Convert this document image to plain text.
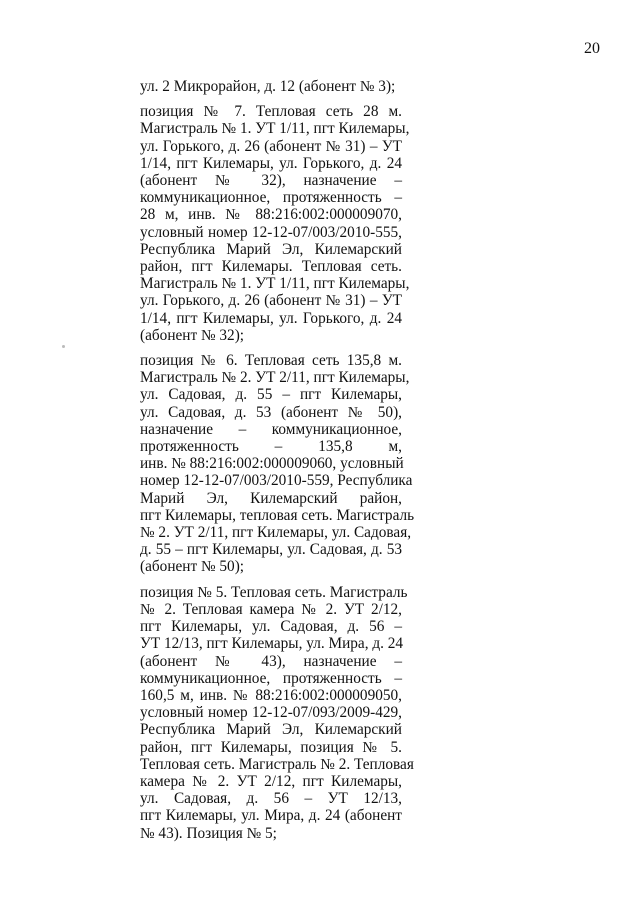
20
ул. 2 Микрорайон, д. 12 (абонент № 3);
позиция № 7. Тепловая сеть 28 м.
Магистраль № 1. УТ 1/11, пгт Килемары,
ул. Горького, д. 26 (абонент № 31) – УТ
1/14, пгт Килемары, ул. Горького, д. 24
(абонент № 32), назначение –
коммуникационное, протяженность –
28 м, инв. № 88:216:002:000009070,
условный номер 12-12-07/003/2010-555,
Республика Марий Эл, Килемарский
район, пгт Килемары. Тепловая сеть.
Магистраль № 1. УТ 1/11, пгт Килемары,
ул. Горького, д. 26 (абонент № 31) – УТ
1/14, пгт Килемары, ул. Горького, д. 24
(абонент № 32);
позиция № 6. Тепловая сеть 135,8 м.
Магистраль № 2. УТ 2/11, пгт Килемары,
ул. Садовая, д. 55 – пгт Килемары,
ул. Садовая, д. 53 (абонент № 50),
назначение – коммуникационное,
протяженность – 135,8 м,
инв. № 88:216:002:000009060, условный
номер 12-12-07/003/2010-559, Республика
Марий Эл, Килемарский район,
пгт Килемары, тепловая сеть. Магистраль
№ 2. УТ 2/11, пгт Килемары, ул. Садовая,
д. 55 – пгт Килемары, ул. Садовая, д. 53
(абонент № 50);
позиция № 5. Тепловая сеть. Магистраль
№ 2. Тепловая камера № 2. УТ 2/12,
пгт Килемары, ул. Садовая, д. 56 –
УТ 12/13, пгт Килемары, ул. Мира, д. 24
(абонент № 43), назначение –
коммуникационное, протяженность –
160,5 м, инв. № 88:216:002:000009050,
условный номер 12-12-07/093/2009-429,
Республика Марий Эл, Килемарский
район, пгт Килемары, позиция № 5.
Тепловая сеть. Магистраль № 2. Тепловая
камера № 2. УТ 2/12, пгт Килемары,
ул. Садовая, д. 56 – УТ 12/13,
пгт Килемары, ул. Мира, д. 24 (абонент
№ 43). Позиция № 5;
